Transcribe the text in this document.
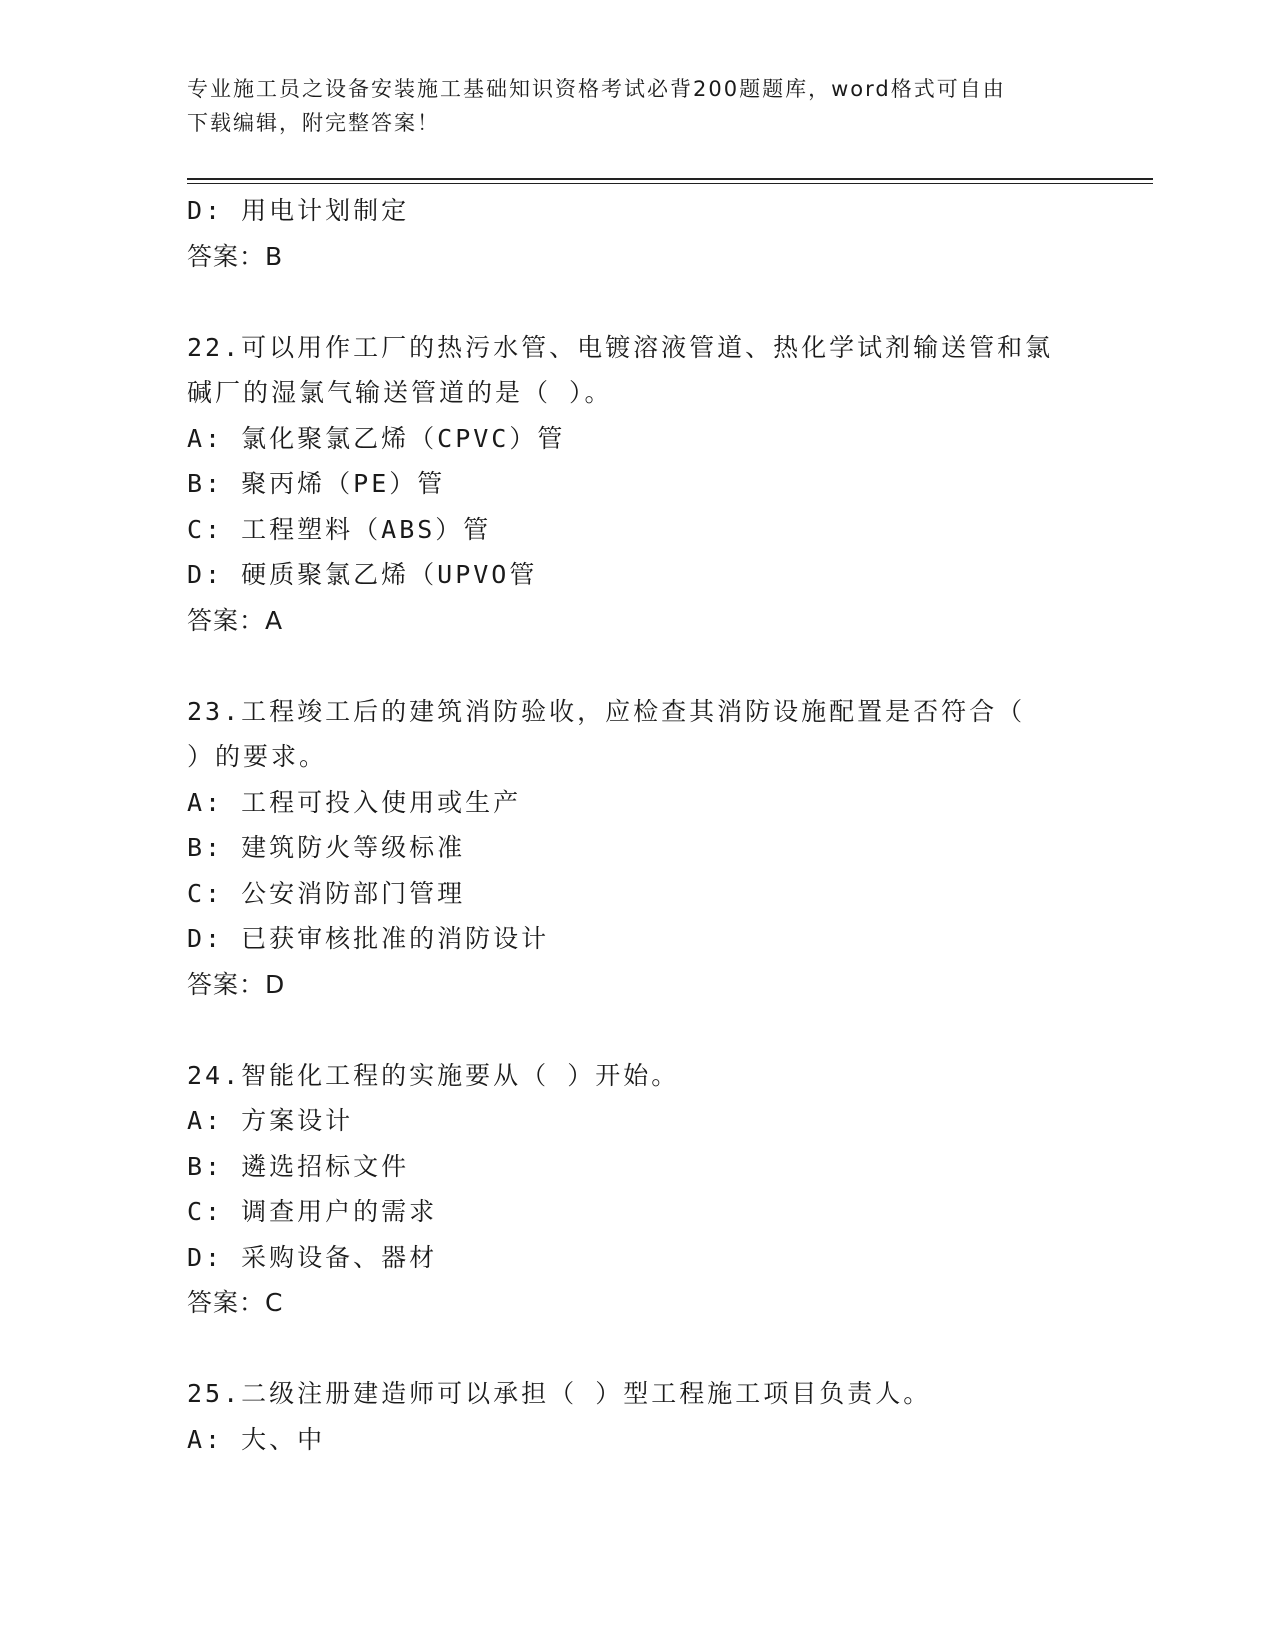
专业施工员之设备安装施工基础知识资格考试必背200题题库，word格式可自由
下载编辑，附完整答案！
D: 用电计划制定
答案：B
22.可以用作工厂的热污水管、电镀溶液管道、热化学试剂输送管和氯
碱厂的湿氯气输送管道的是（ ）。
A: 氯化聚氯乙烯（CPVC）管
B: 聚丙烯（PE）管
C: 工程塑料（ABS）管
D: 硬质聚氯乙烯（UPVO管
答案：A
23.工程竣工后的建筑消防验收，应检查其消防设施配置是否符合（
）的要求。
A: 工程可投入使用或生产
B: 建筑防火等级标准
C: 公安消防部门管理
D: 已获审核批准的消防设计
答案：D
24.智能化工程的实施要从（ ）开始。
A: 方案设计
B: 遴选招标文件
C: 调查用户的需求
D: 采购设备、器材
答案：C
25.二级注册建造师可以承担（ ）型工程施工项目负责人。
A: 大、中
